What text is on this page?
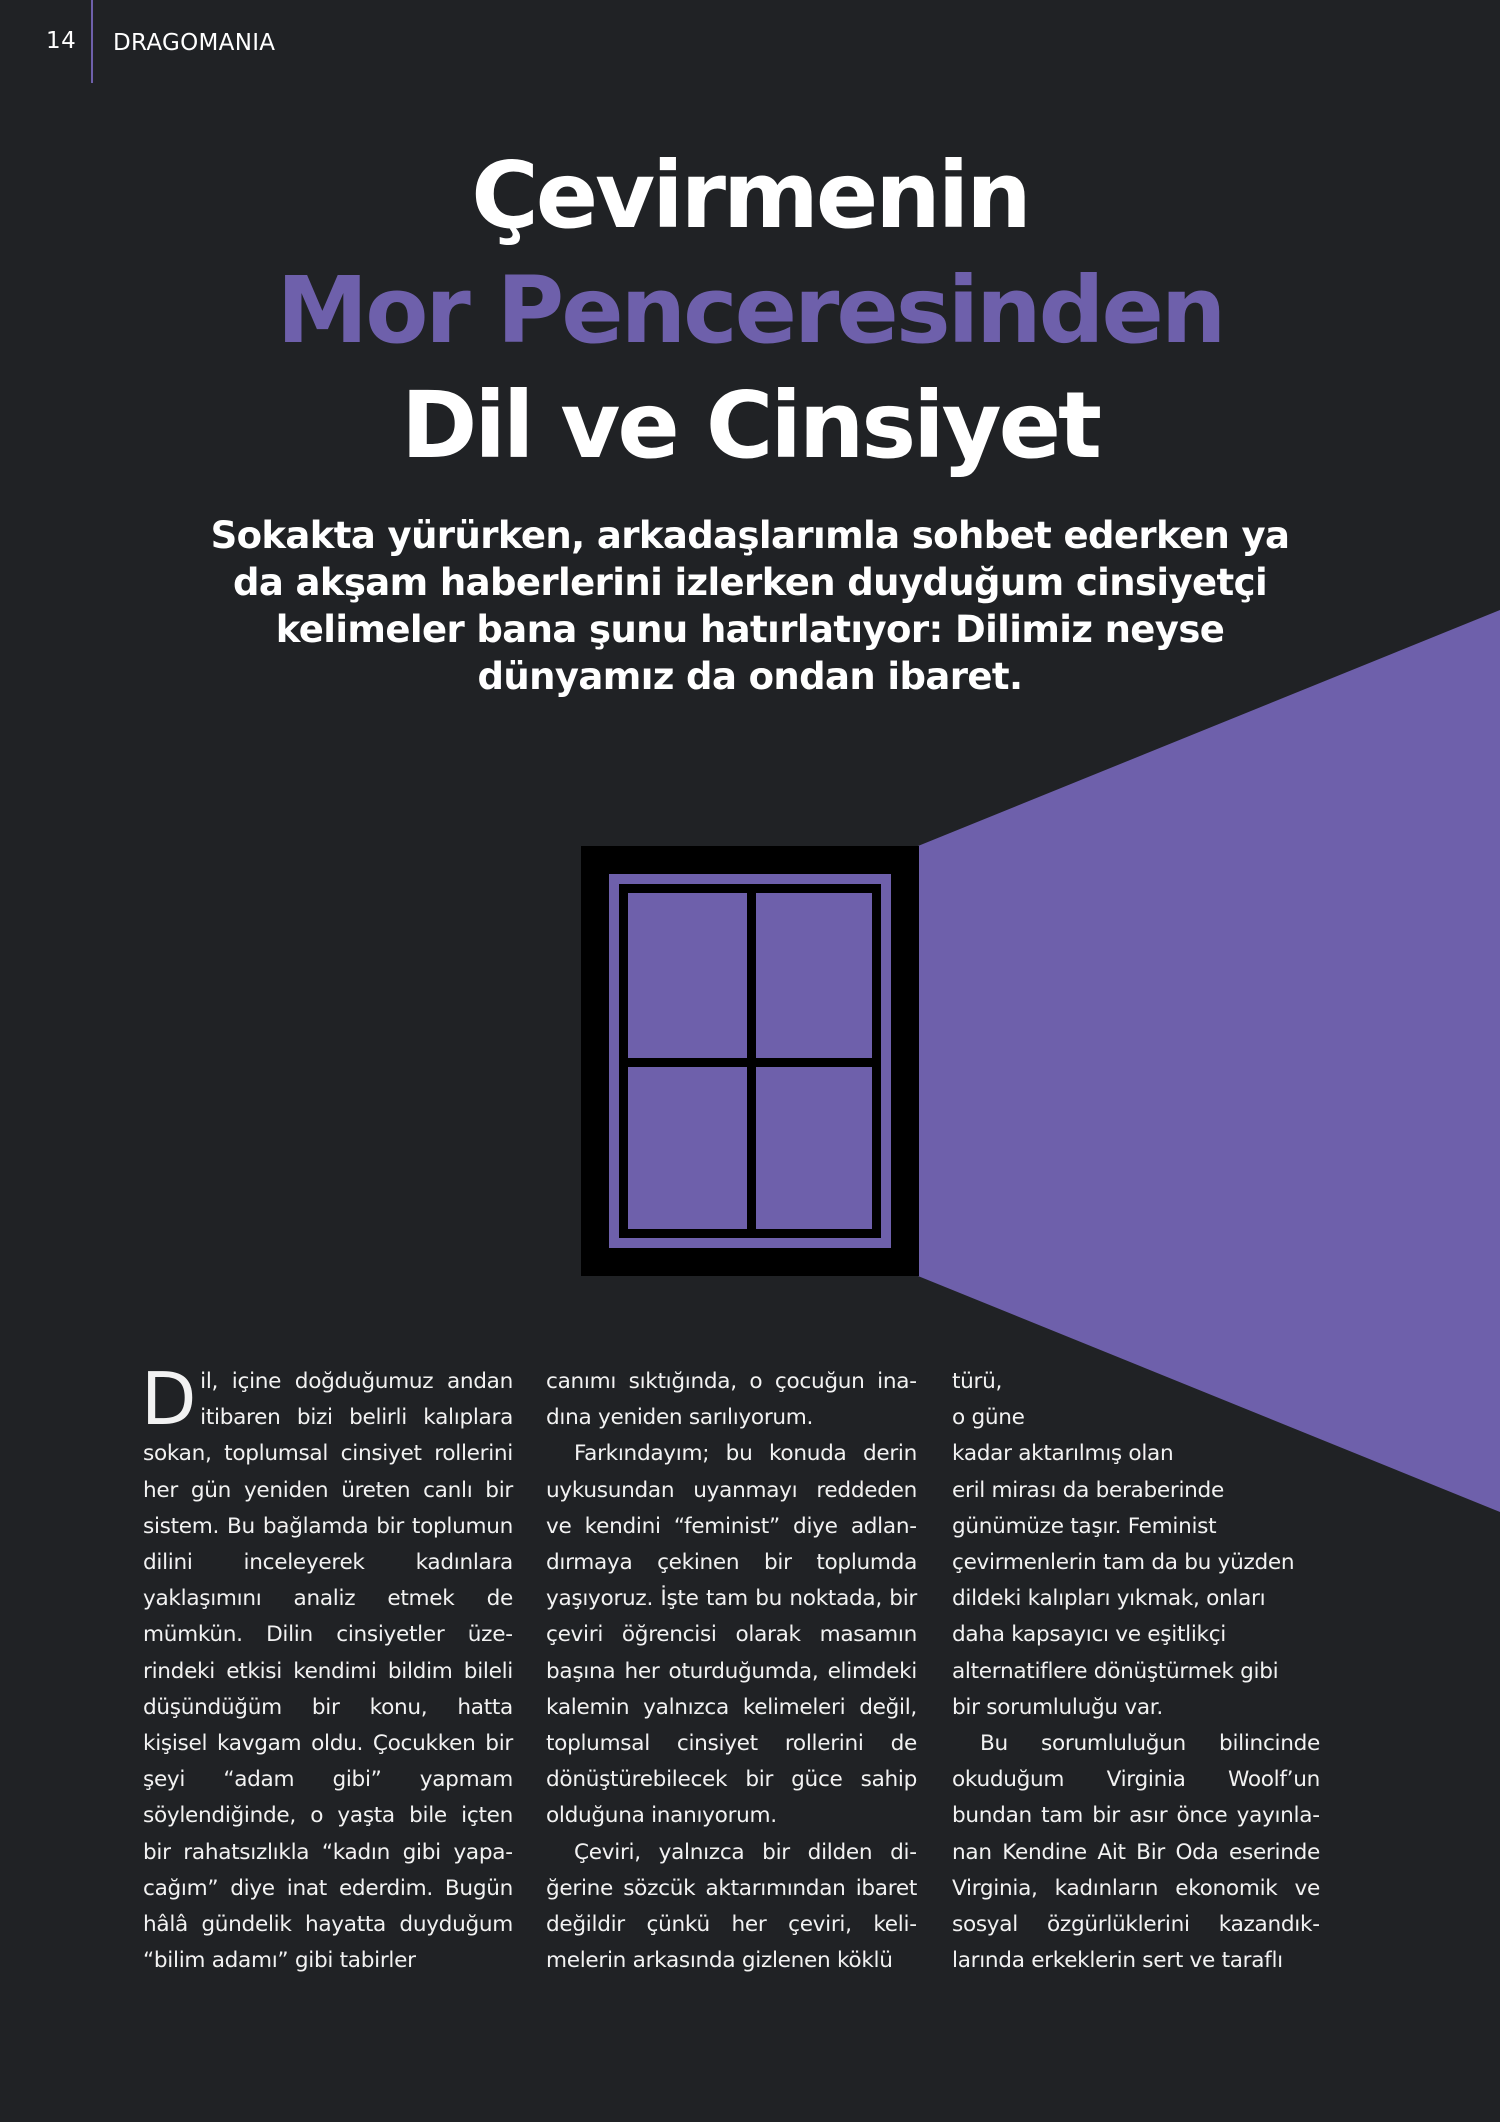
14 DRAGOMANIA
Çevirmenin
Mor Penceresinden
Dil ve Cinsiyet
Sokakta yürürken, arkadaşlarımla sohbet ederken ya da akşam haberlerini izlerken duyduğum cinsiyetçi kelimeler bana şunu hatırlatıyor: Dilimiz neyse dünyamız da ondan ibaret.

Dil, içine doğduğumuz andan itibaren bizi belirli kalıplara sokan, toplumsal cinsiyet rollerini her gün yeniden üreten canlı bir sistem. Bu bağlamda bir toplumun dilini inceleyerek kadınlara yaklaşımını analiz etmek de mümkün. Dilin cinsiyetler üzerindeki etkisi kendimi bildim bileli düşündüğüm bir konu, hatta kişisel kavgam oldu. Çocukken bir şeyi “adam gibi” yapmam söylendiğinde, o yaşta bile içten bir rahatsızlıkla “kadın gibi yapacağım” diye inat ederdim. Bugün hâlâ gündelik hayatta duyduğum “bilim adamı” gibi tabirler

canımı sıktığında, o çocuğun inadına yeniden sarılıyorum.

Farkındayım; bu konuda derin uykusundan uyanmayı reddeden ve kendini “feminist” diye adlandırmaya çekinen bir toplumda yaşıyoruz. İşte tam bu noktada, bir çeviri öğrencisi olarak masamın başına her oturduğumda, elimdeki kalemin yalnızca kelimeleri değil, toplumsal cinsiyet rollerini de dönüştürebilecek bir güce sahip olduğuna inanıyorum.

Çeviri, yalnızca bir dilden diğerine sözcük aktarımından ibaret değildir çünkü her çeviri, kelimelerin arkasında gizlenen köklü

türü,

o güne

kadar aktarılmış olan

eril mirası da beraberinde

günümüze taşır. Feminist

çevirmenlerin tam da bu yüzden

dildeki kalıpları yıkmak, onları

daha kapsayıcı ve eşitlikçi

alternatiflere dönüştürmek gibi

bir sorumluluğu var.

Bu sorumluluğun bilincinde okuduğum Virginia Woolf’un bundan tam bir asır önce yayınlanan Kendine Ait Bir Oda eserinde Virginia, kadınların ekonomik ve sosyal özgürlüklerini kazandıklarında erkeklerin sert ve taraflı
